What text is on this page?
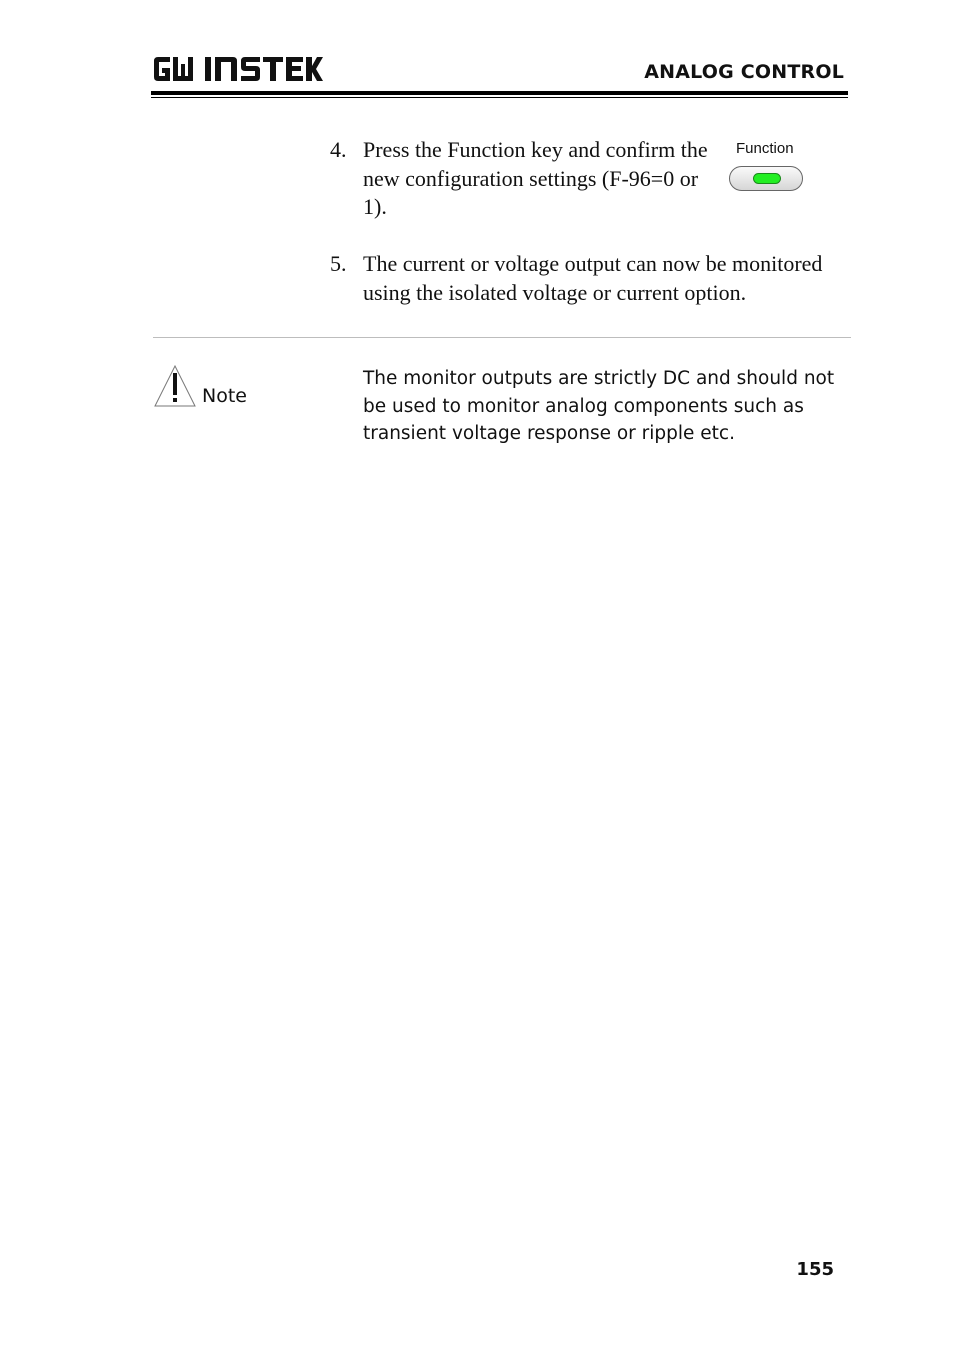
ANALOG CONTROL
4. Press the Function key and confirm the new configuration settings (F-96=0 or 1).
Function
5. The current or voltage output can now be monitored using the isolated voltage or current option.
Note
The monitor outputs are strictly DC and should not be used to monitor analog components such as transient voltage response or ripple etc.
155
